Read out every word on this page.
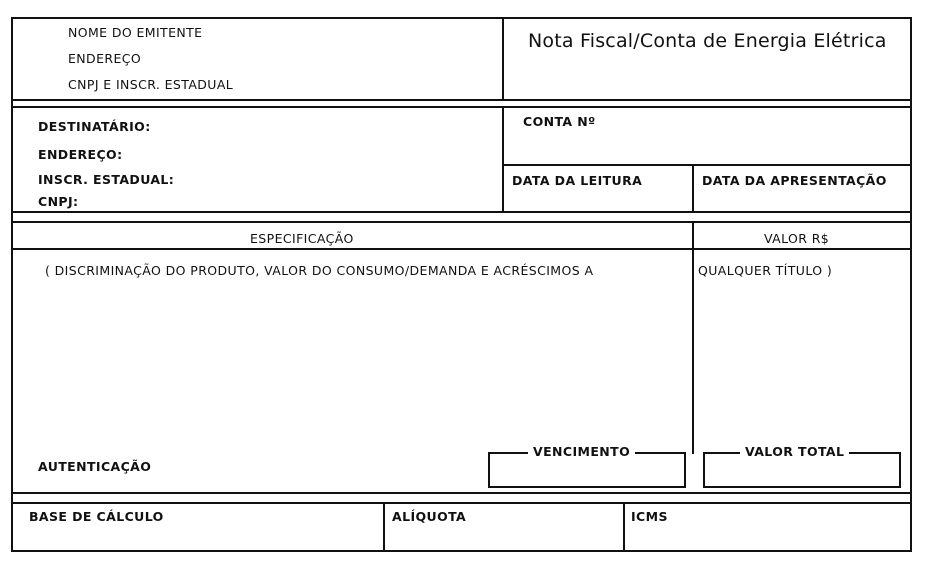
NOME DO EMITENTE
ENDEREÇO
CNPJ E INSCR. ESTADUAL
Nota Fiscal/Conta de Energia Elétrica
DESTINATÁRIO:
ENDEREÇO:
INSCR. ESTADUAL:
CNPJ:
CONTA Nº
DATA DA LEITURA	DATA DA APRESENTAÇÃO
ESPECIFICAÇÃO	VALOR R$
( DISCRIMINAÇÃO DO PRODUTO, VALOR DO CONSUMO/DEMANDA E ACRÉSCIMOS A	QUALQUER TÍTULO )
AUTENTICAÇÃO
VENCIMENTO	VALOR TOTAL
BASE DE CÁLCULO	ALÍQUOTA	ICMS
